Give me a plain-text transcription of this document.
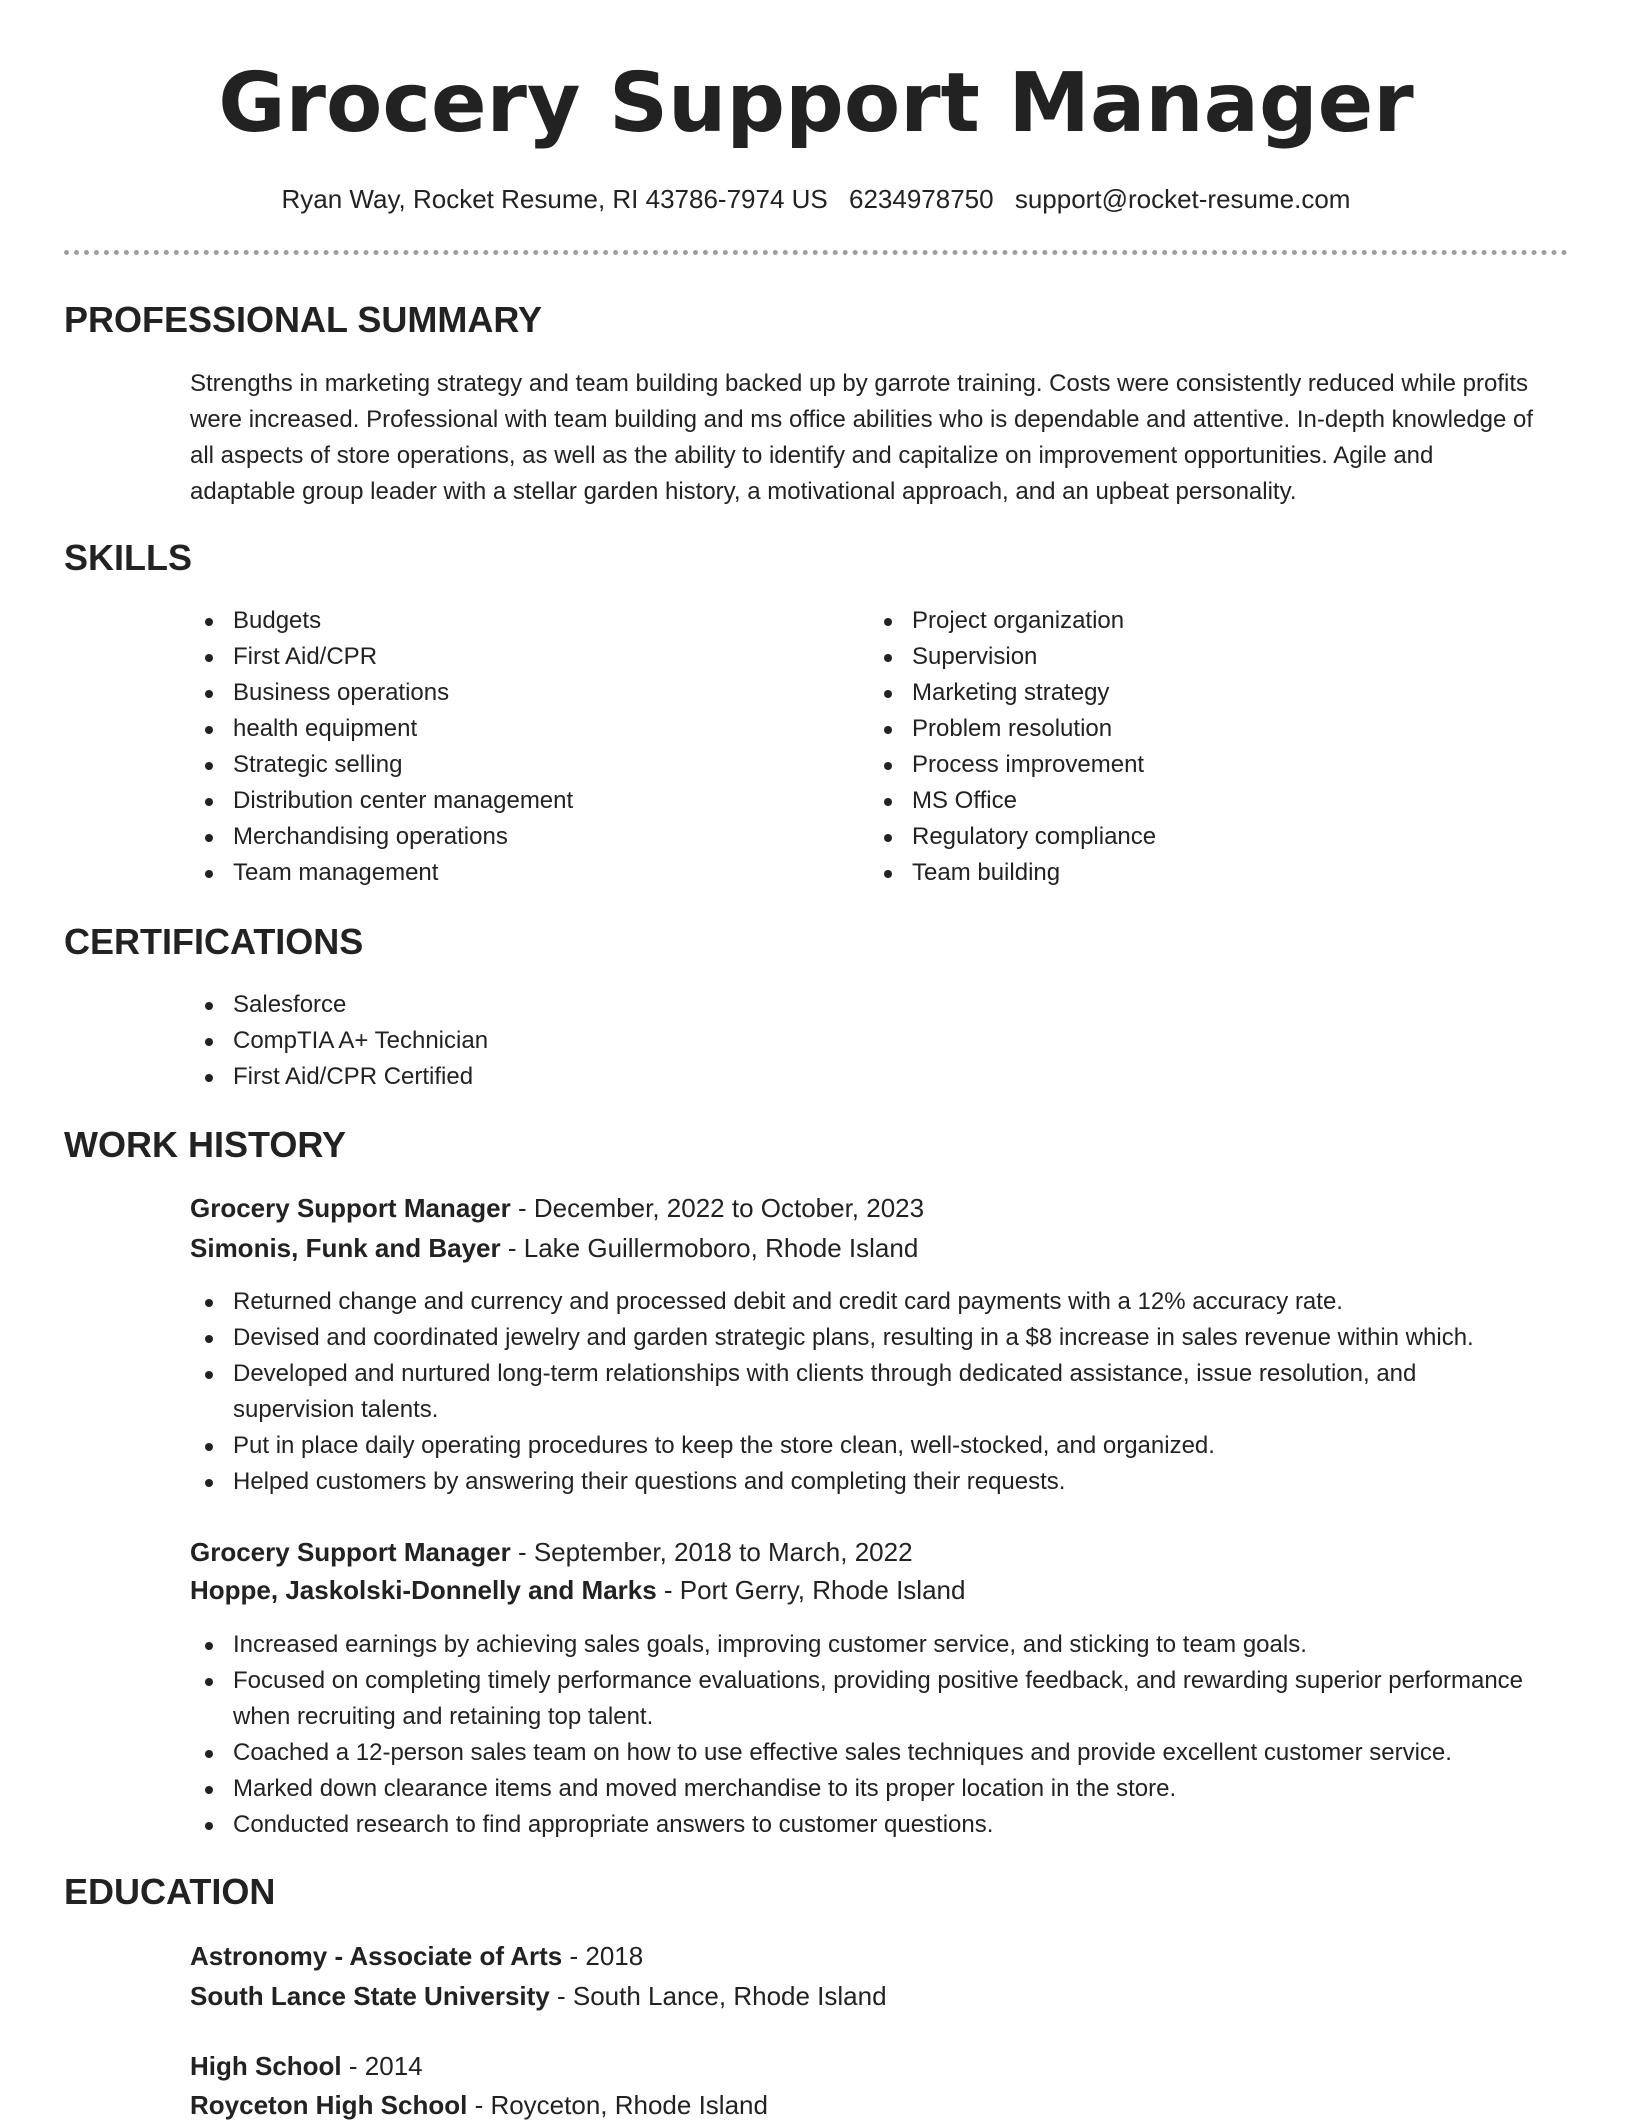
Grocery Support Manager
Ryan Way, Rocket Resume, RI 43786-7974 US 6234978750 support@rocket-resume.com
PROFESSIONAL SUMMARY

Strengths in marketing strategy and team building backed up by garrote training. Costs were consistently reduced while profits were increased. Professional with team building and ms office abilities who is dependable and attentive. In-depth knowledge of all aspects of store operations, as well as the ability to identify and capitalize on improvement opportunities. Agile and adaptable group leader with a stellar garden history, a motivational approach, and an upbeat personality.

SKILLS
Budgets
First Aid/CPR
Business operations
health equipment
Strategic selling
Distribution center management
Merchandising operations
Team management
Project organization
Supervision
Marketing strategy
Problem resolution
Process improvement
MS Office
Regulatory compliance
Team building
CERTIFICATIONS
Salesforce
CompTIA A+ Technician
First Aid/CPR Certified
WORK HISTORY
Grocery Support Manager - December, 2022 to October, 2023
Simonis, Funk and Bayer - Lake Guillermoboro, Rhode Island
Returned change and currency and processed debit and credit card payments with a 12% accuracy rate.
Devised and coordinated jewelry and garden strategic plans, resulting in a $8 increase in sales revenue within which.
Developed and nurtured long-term relationships with clients through dedicated assistance, issue resolution, and supervision talents.
Put in place daily operating procedures to keep the store clean, well-stocked, and organized.
Helped customers by answering their questions and completing their requests.
Grocery Support Manager - September, 2018 to March, 2022
Hoppe, Jaskolski-Donnelly and Marks - Port Gerry, Rhode Island
Increased earnings by achieving sales goals, improving customer service, and sticking to team goals.
Focused on completing timely performance evaluations, providing positive feedback, and rewarding superior performance when recruiting and retaining top talent.
Coached a 12-person sales team on how to use effective sales techniques and provide excellent customer service.
Marked down clearance items and moved merchandise to its proper location in the store.
Conducted research to find appropriate answers to customer questions.
EDUCATION
Astronomy - Associate of Arts - 2018
South Lance State University - South Lance, Rhode Island
High School - 2014
Royceton High School - Royceton, Rhode Island
